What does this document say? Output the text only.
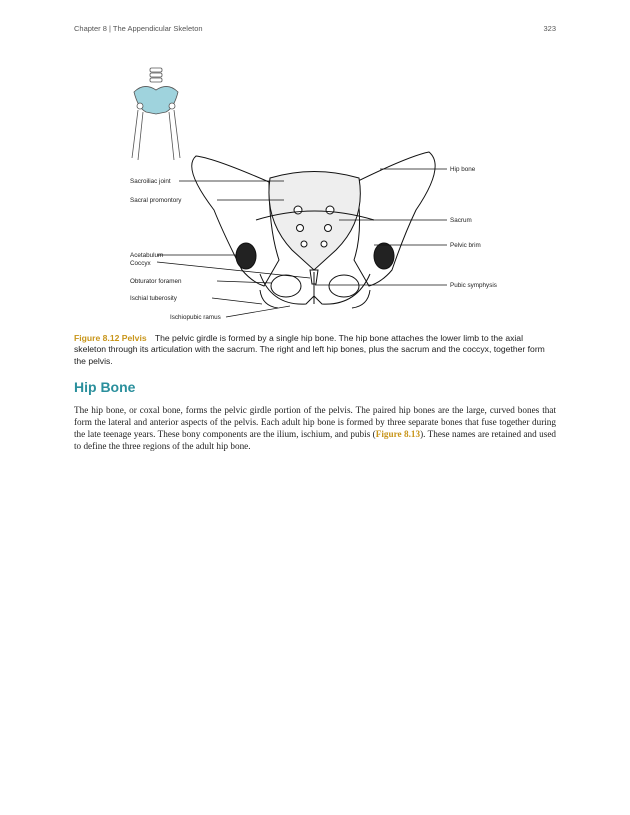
Chapter 8 | The Appendicular Skeleton	323
Sacroiliac joint
Sacral promontory
Acetabulum
Coccyx
Obturator foramen
Ischial tuberosity
Ischiopubic ramus
Hip bone
Sacrum
Pelvic brim
Pubic symphysis
Figure 8.12 Pelvis The pelvic girdle is formed by a single hip bone. The hip bone attaches the lower limb to the axial skeleton through its articulation with the sacrum. The right and left hip bones, plus the sacrum and the coccyx, together form the pelvis.
Hip Bone
The hip bone, or coxal bone, forms the pelvic girdle portion of the pelvis. The paired hip bones are the large, curved bones that form the lateral and anterior aspects of the pelvis. Each adult hip bone is formed by three separate bones that fuse together during the late teenage years. These bony components are the ilium, ischium, and pubis (Figure 8.13). These names are retained and used to define the three regions of the adult hip bone.
